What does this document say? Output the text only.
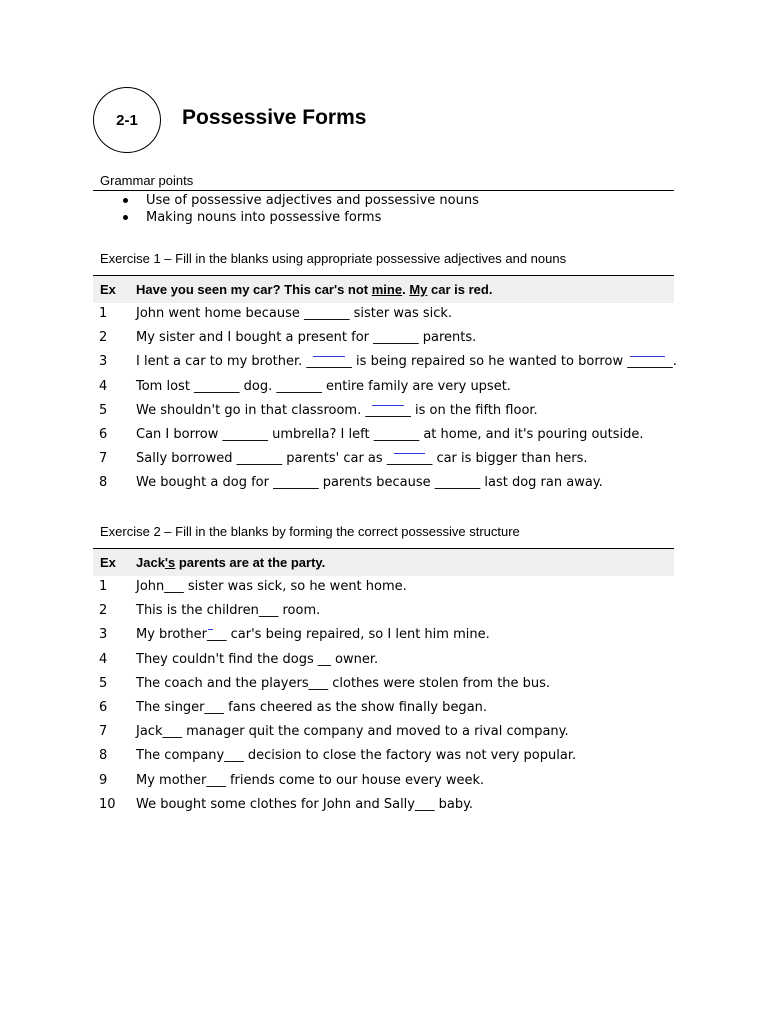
2-1 Possessive Forms
Grammar points
Use of possessive adjectives and possessive nouns
Making nouns into possessive forms
Exercise 1 – Fill in the blanks using appropriate possessive adjectives and nouns
Ex Have you seen my car? This car's not mine. My car is red.
1 John went home because _______ sister was sick.
2 My sister and I bought a present for _______ parents.
3 I lent a car to my brother.
_______ is being repaired so he wanted to borrow
_______.
4 Tom lost _______ dog. _______ entire family are very upset.
5 We shouldn't go in that classroom.
_______ is on the fifth floor.
6 Can I borrow _______ umbrella? I left _______ at home, and it's pouring outside.
7 Sally borrowed _______ parents' car as
_______ car is bigger than hers.
8 We bought a dog for _______ parents because _______ last dog ran away.
Exercise 2 – Fill in the blanks by forming the correct possessive structure
Ex Jack's parents are at the party.
1 John___ sister was sick, so he went home.
2 This is the children___ room.
3 My brother
___ car's being repaired, so I lent him mine.
4 They couldn't find the dogs __ owner.
5 The coach and the players___ clothes were stolen from the bus.
6 The singer___ fans cheered as the show finally began.
7 Jack___ manager quit the company and moved to a rival company.
8 The company___ decision to close the factory was not very popular.
9 My mother___ friends come to our house every week.
10 We bought some clothes for John and Sally___ baby.
